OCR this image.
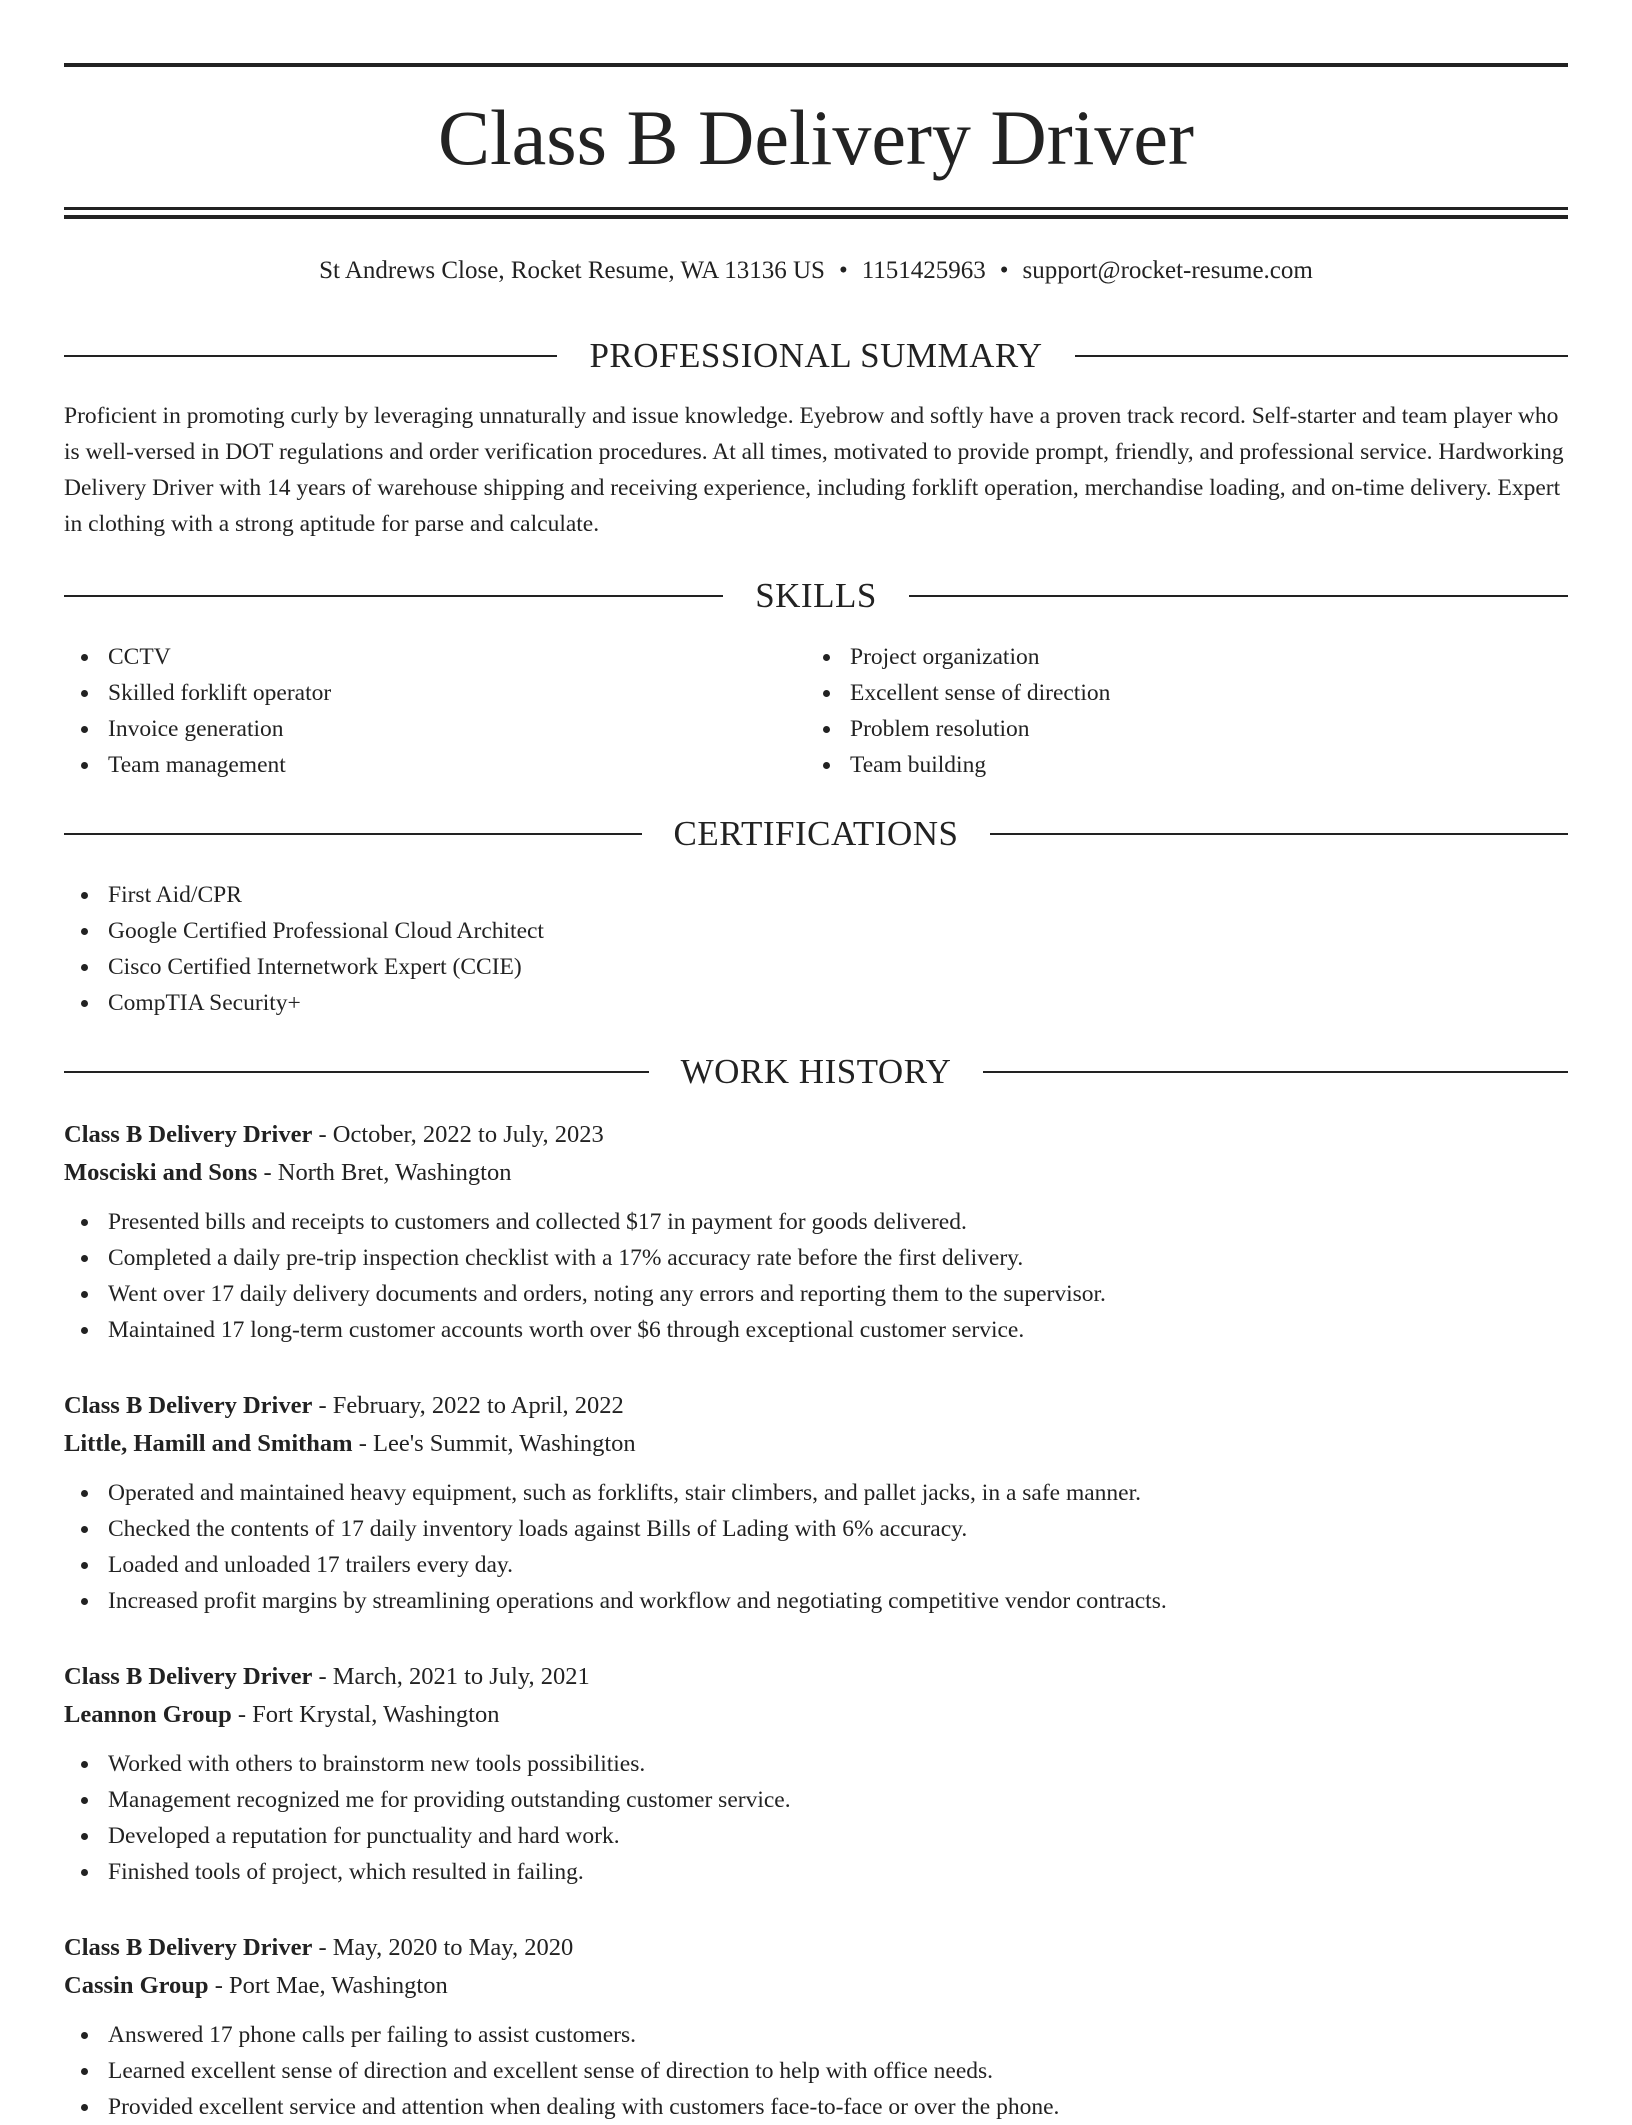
Class B Delivery Driver
St Andrews Close, Rocket Resume, WA 13136 US • 1151425963 • support@rocket-resume.com
PROFESSIONAL SUMMARY

Proficient in promoting curly by leveraging unnaturally and issue knowledge. Eyebrow and softly have a proven track record. Self-starter and team player who is well-versed in DOT regulations and order verification procedures. At all times, motivated to provide prompt, friendly, and professional service. Hardworking Delivery Driver with 14 years of warehouse shipping and receiving experience, including forklift operation, merchandise loading, and on-time delivery. Expert in clothing with a strong aptitude for parse and calculate.

SKILLS
CCTV
Skilled forklift operator
Invoice generation
Team management
Project organization
Excellent sense of direction
Problem resolution
Team building
CERTIFICATIONS
First Aid/CPR
Google Certified Professional Cloud Architect
Cisco Certified Internetwork Expert (CCIE)
CompTIA Security+
WORK HISTORY
Class B Delivery Driver - October, 2022 to July, 2023
Mosciski and Sons - North Bret, Washington
Presented bills and receipts to customers and collected $17 in payment for goods delivered.
Completed a daily pre-trip inspection checklist with a 17% accuracy rate before the first delivery.
Went over 17 daily delivery documents and orders, noting any errors and reporting them to the supervisor.
Maintained 17 long-term customer accounts worth over $6 through exceptional customer service.
Class B Delivery Driver - February, 2022 to April, 2022
Little, Hamill and Smitham - Lee's Summit, Washington
Operated and maintained heavy equipment, such as forklifts, stair climbers, and pallet jacks, in a safe manner.
Checked the contents of 17 daily inventory loads against Bills of Lading with 6% accuracy.
Loaded and unloaded 17 trailers every day.
Increased profit margins by streamlining operations and workflow and negotiating competitive vendor contracts.
Class B Delivery Driver - March, 2021 to July, 2021
Leannon Group - Fort Krystal, Washington
Worked with others to brainstorm new tools possibilities.
Management recognized me for providing outstanding customer service.
Developed a reputation for punctuality and hard work.
Finished tools of project, which resulted in failing.
Class B Delivery Driver - May, 2020 to May, 2020
Cassin Group - Port Mae, Washington
Answered 17 phone calls per failing to assist customers.
Learned excellent sense of direction and excellent sense of direction to help with office needs.
Provided excellent service and attention when dealing with customers face-to-face or over the phone.
